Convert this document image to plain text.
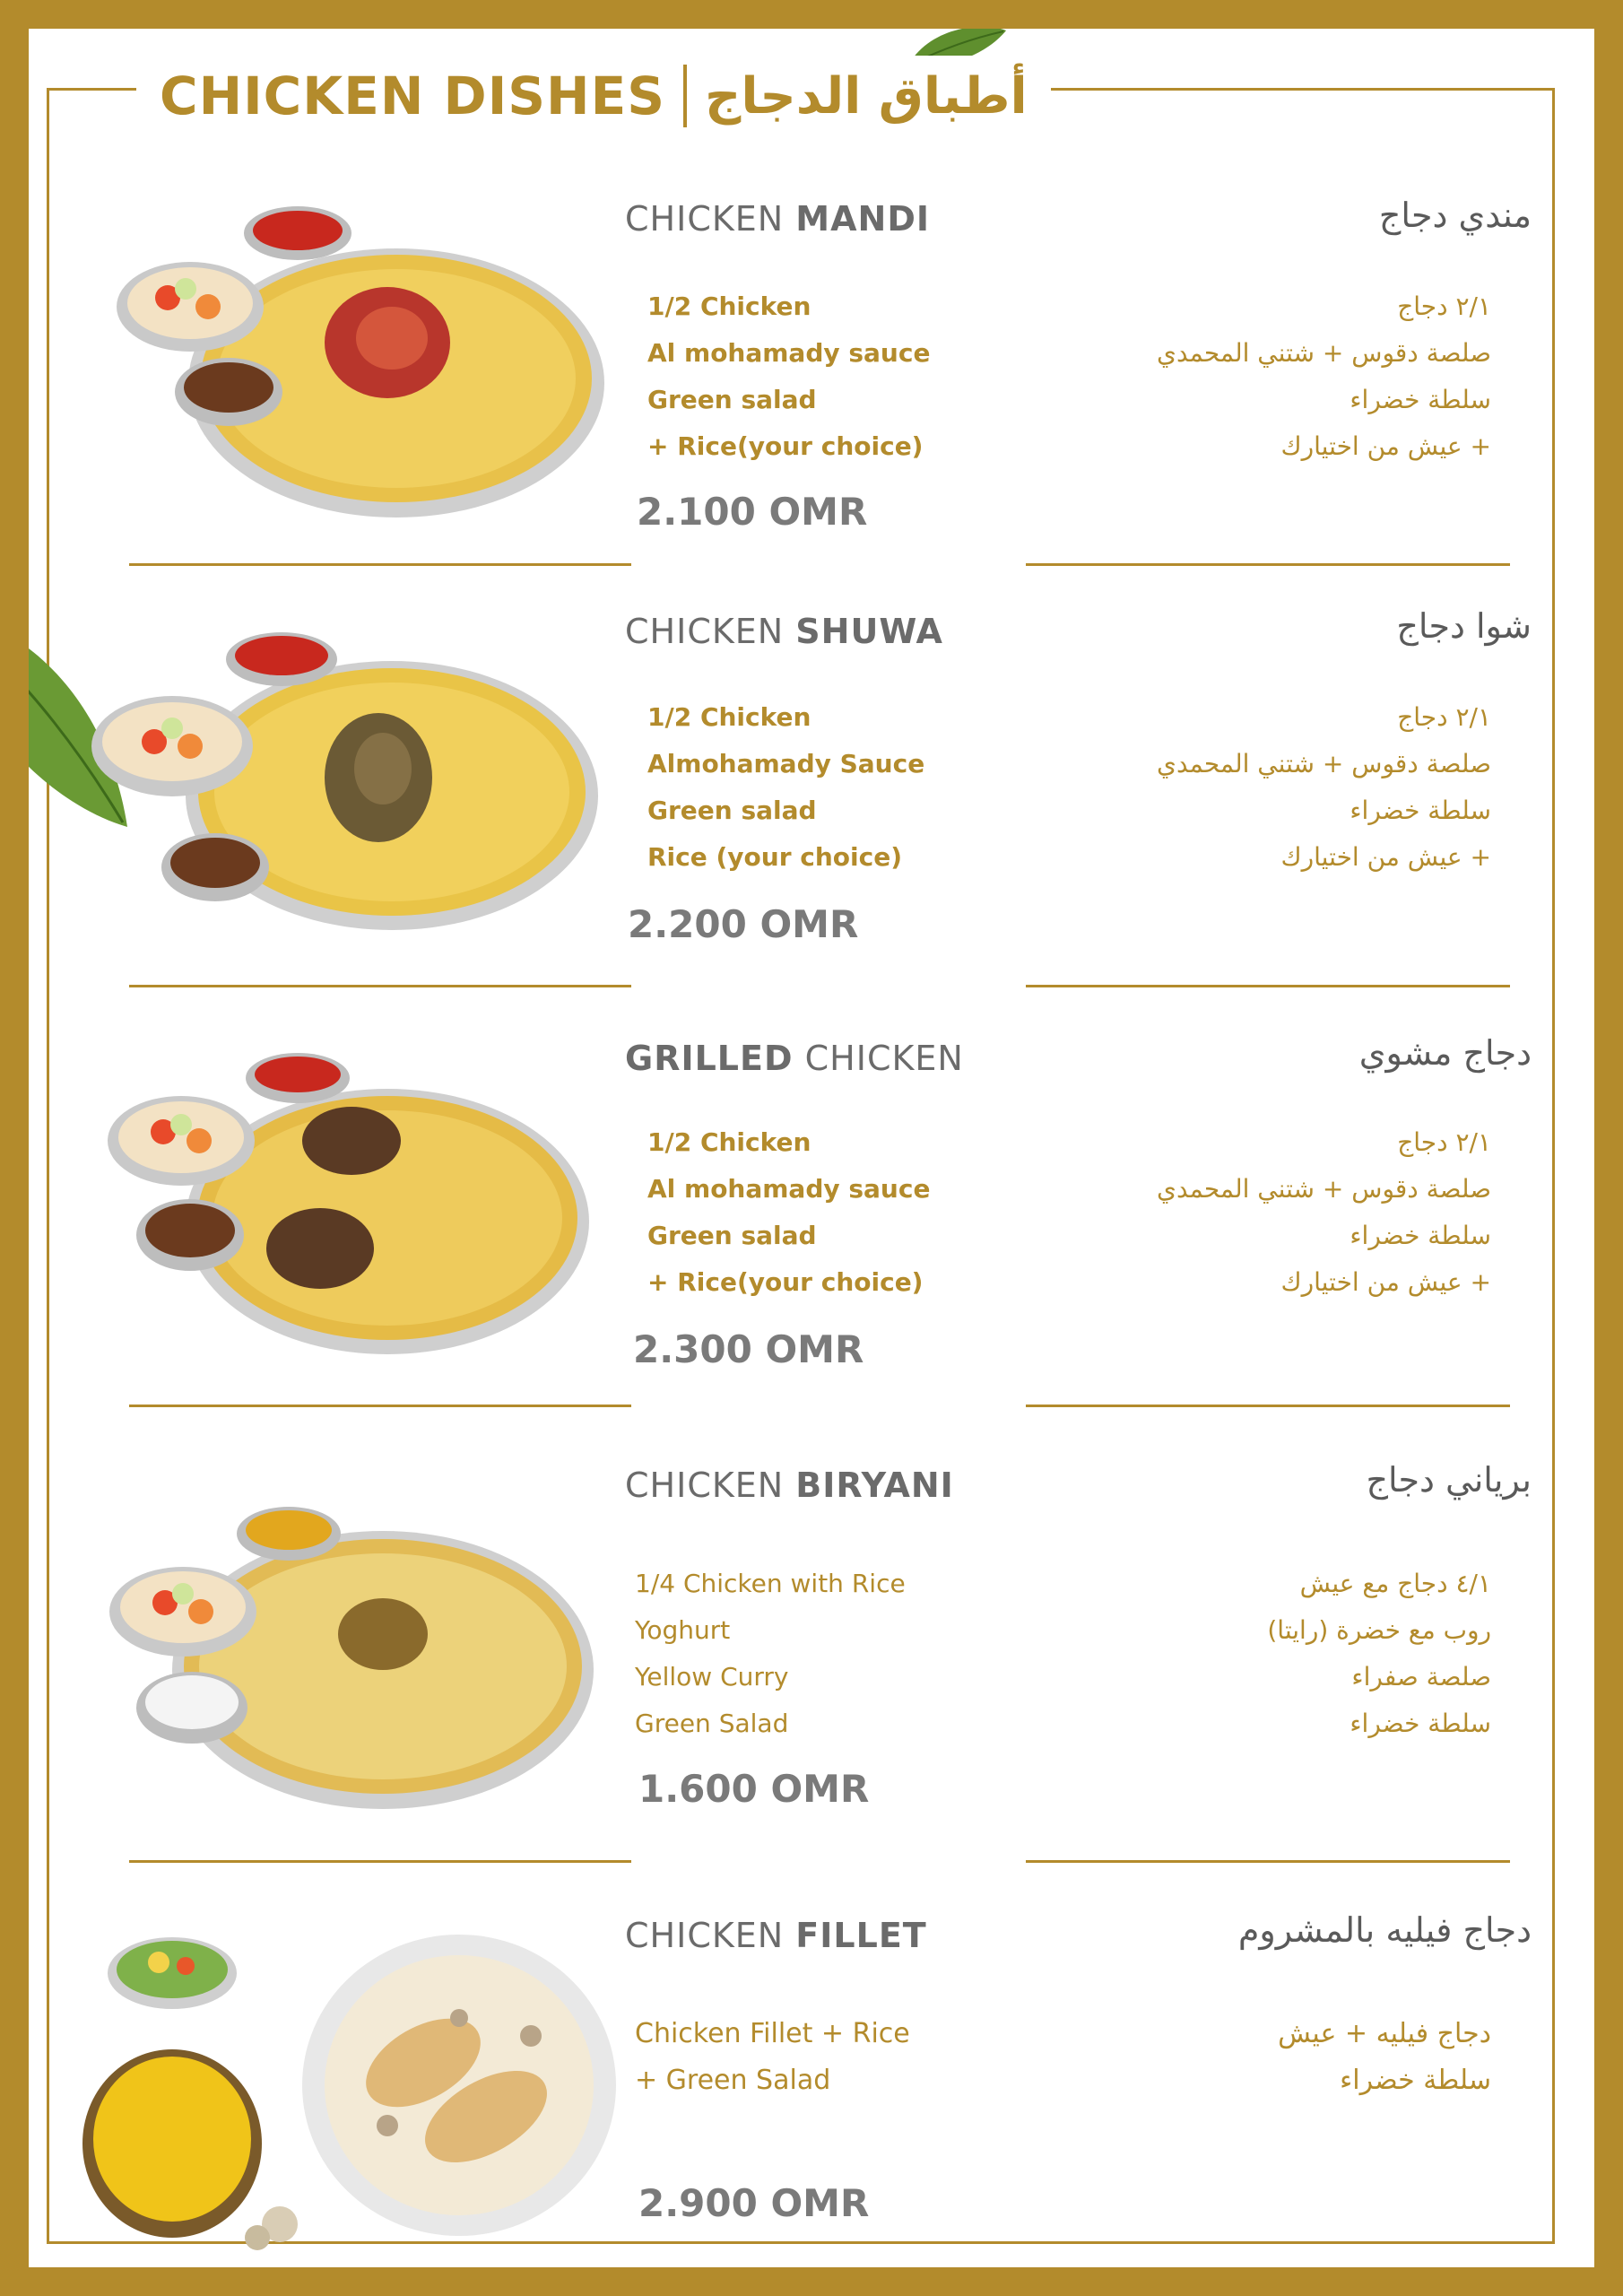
CHICKEN DISHES أطباق الدجاج
CHICKEN MANDI	مندي دجاج
1/2 Chicken
Al mohamady sauce
Green salad
+ Rice(your choice)
٢/١ دجاج
صلصة دقوس + شتني المحمدي
سلطة خضراء
+ عيش من اختيارك
2.100 OMR
CHICKEN SHUWA	شوا دجاج
1/2 Chicken
Almohamady Sauce
Green salad
Rice (your choice)
٢/١ دجاج
صلصة دقوس + شتني المحمدي
سلطة خضراء
+ عيش من اختيارك
2.200 OMR
GRILLED CHICKEN	دجاج مشوي
1/2 Chicken
Al mohamady sauce
Green salad
+ Rice(your choice)
٢/١ دجاج
صلصة دقوس + شتني المحمدي
سلطة خضراء
+ عيش من اختيارك
2.300 OMR
CHICKEN BIRYANI	برياني دجاج
1/4 Chicken with Rice
Yoghurt
Yellow Curry
Green Salad
٤/١ دجاج مع عيش
روب مع خضرة (رايتا)
صلصة صفراء
سلطة خضراء
1.600 OMR
CHICKEN FILLET	دجاج فيليه بالمشروم
Chicken Fillet + Rice
+ Green Salad
دجاج فيليه + عيش
سلطة خضراء
2.900 OMR
